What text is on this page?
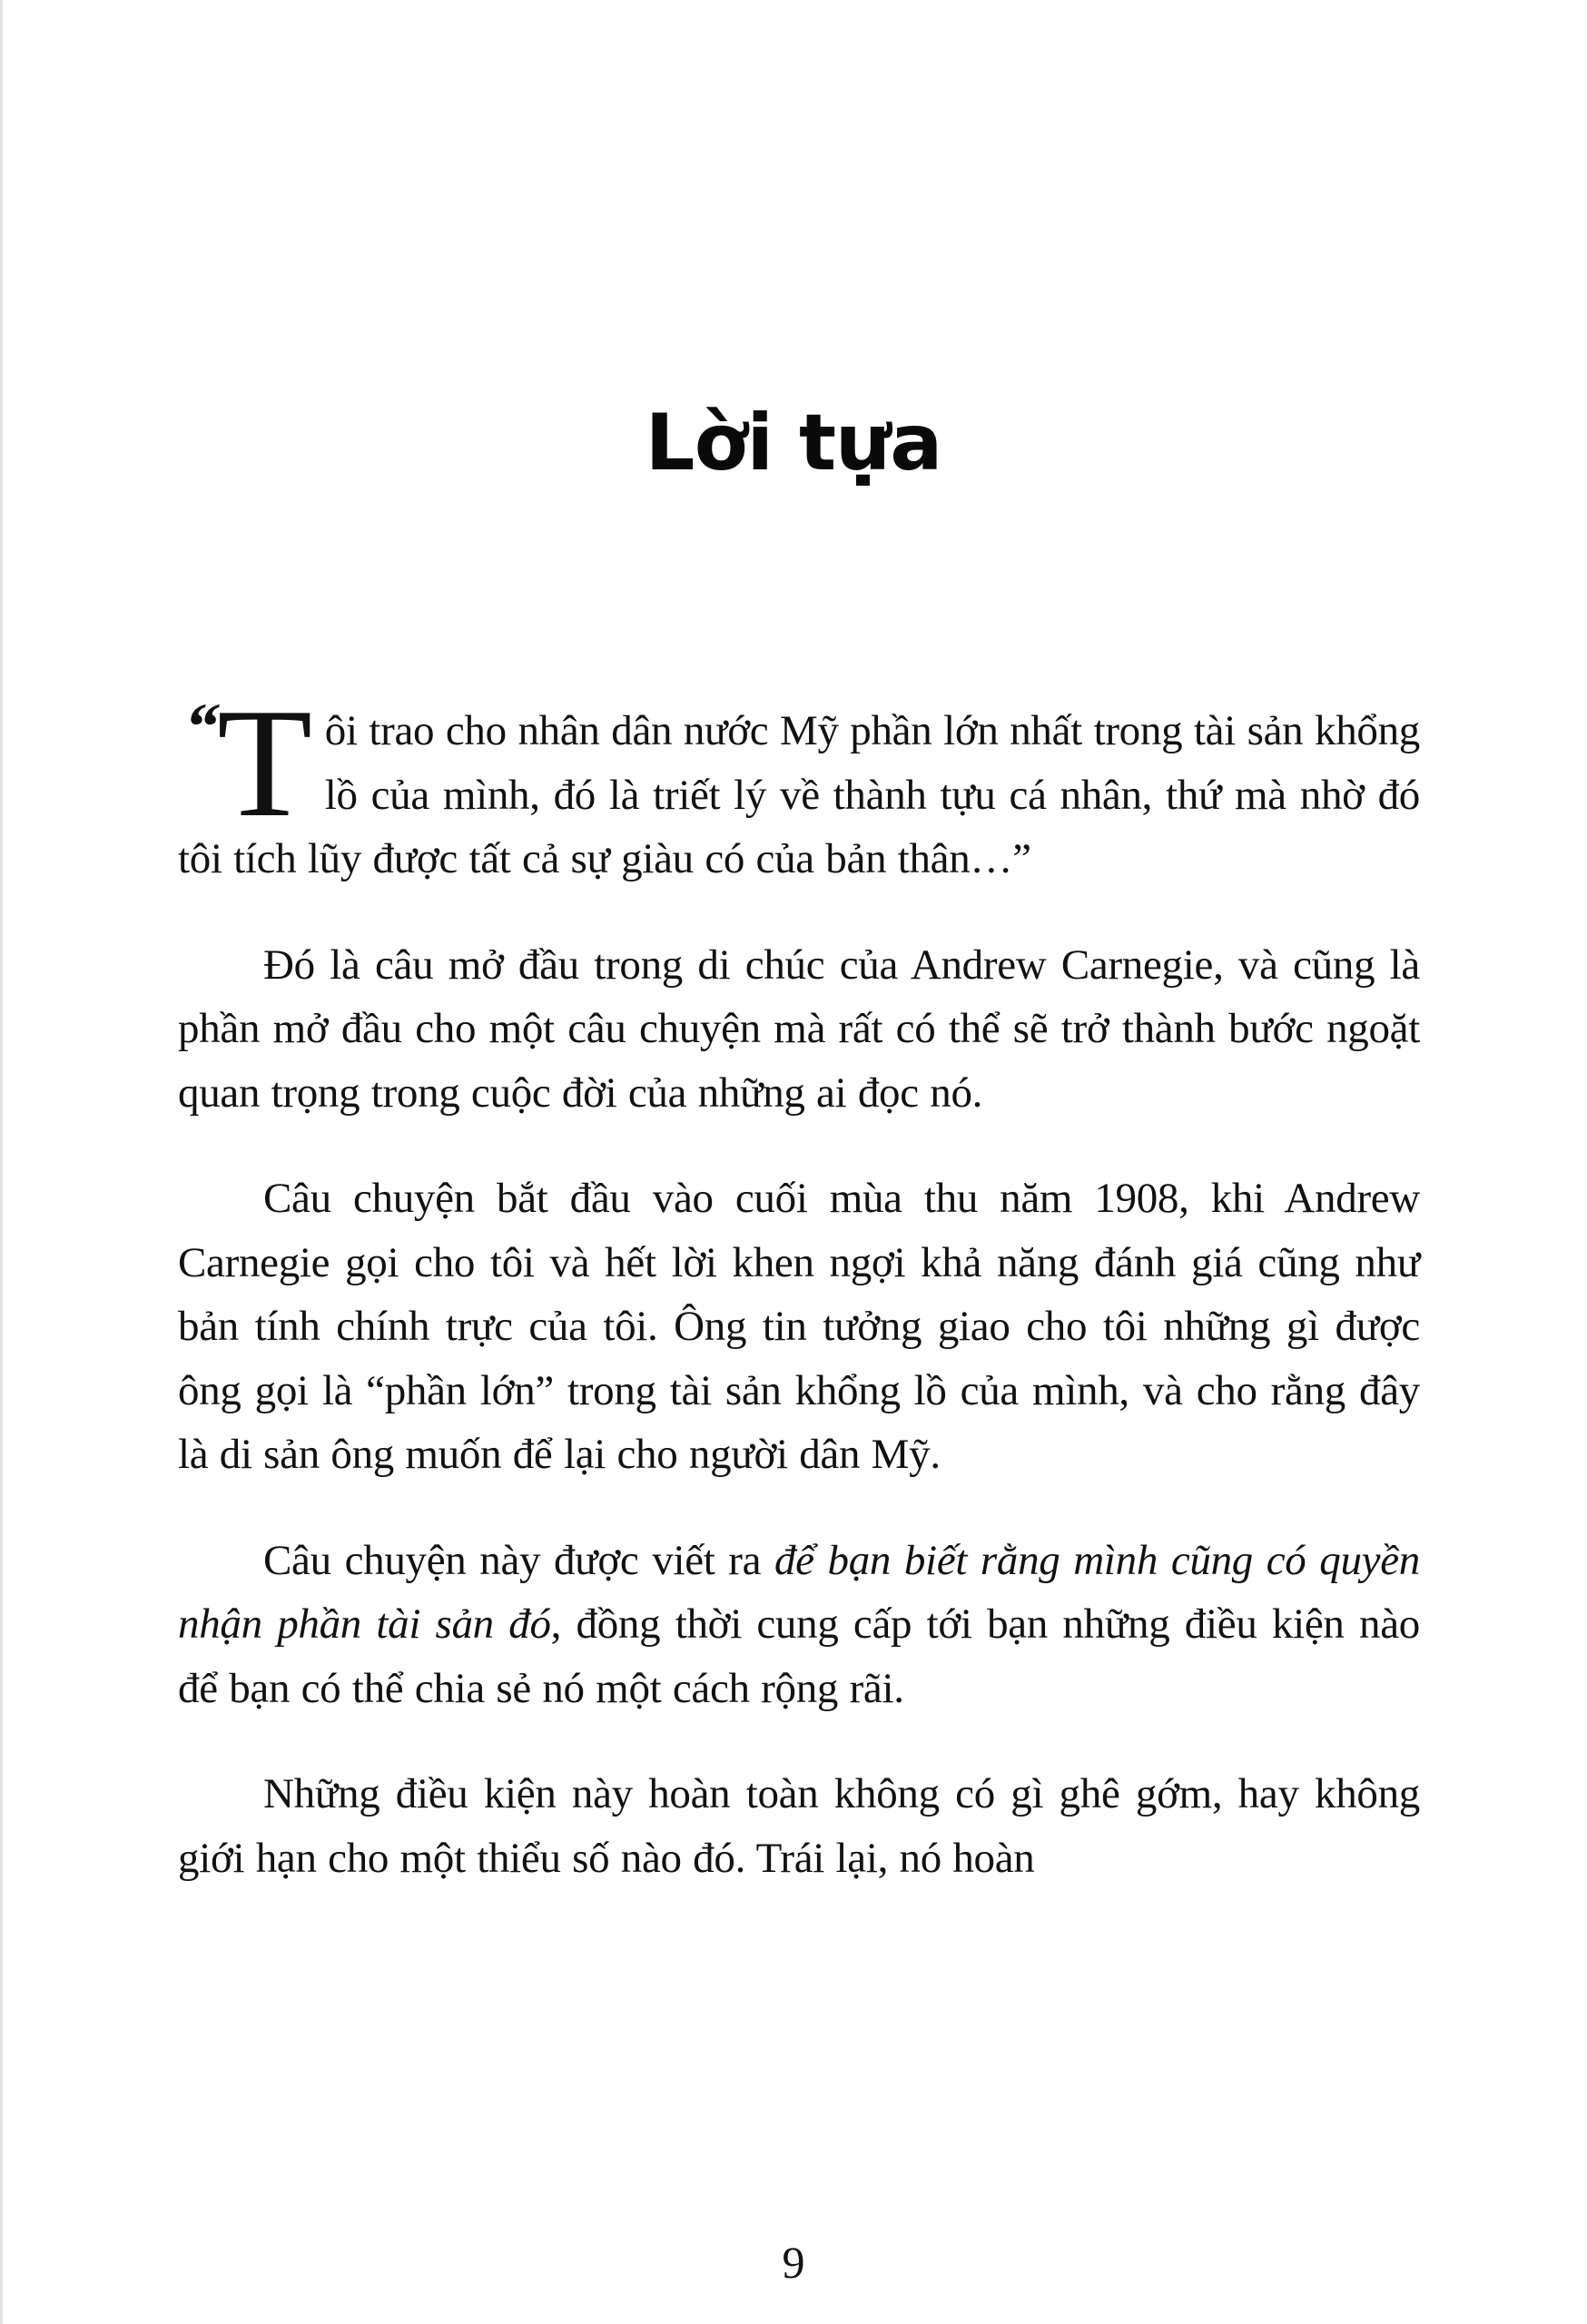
Lời tựa

“ T ôi trao cho nhân dân nước Mỹ phần lớn nhất trong tài sản khổng lồ của mình, đó là triết lý về thành tựu cá nhân, thứ mà nhờ đó tôi tích lũy được tất cả sự giàu có của bản thân…”

Đó là câu mở đầu trong di chúc của Andrew Carnegie, và cũng là phần mở đầu cho một câu chuyện mà rất có thể sẽ trở thành bước ngoặt quan trọng trong cuộc đời của những ai đọc nó.

Câu chuyện bắt đầu vào cuối mùa thu năm 1908, khi Andrew Carnegie gọi cho tôi và hết lời khen ngợi khả năng đánh giá cũng như bản tính chính trực của tôi. Ông tin tưởng giao cho tôi những gì được ông gọi là “phần lớn” trong tài sản khổng lồ của mình, và cho rằng đây là di sản ông muốn để lại cho người dân Mỹ.

Câu chuyện này được viết ra để bạn biết rằng mình cũng có quyền nhận phần tài sản đó, đồng thời cung cấp tới bạn những điều kiện nào để bạn có thể chia sẻ nó một cách rộng rãi.

Những điều kiện này hoàn toàn không có gì ghê gớm, hay không giới hạn cho một thiểu số nào đó. Trái lại, nó hoàn

9
